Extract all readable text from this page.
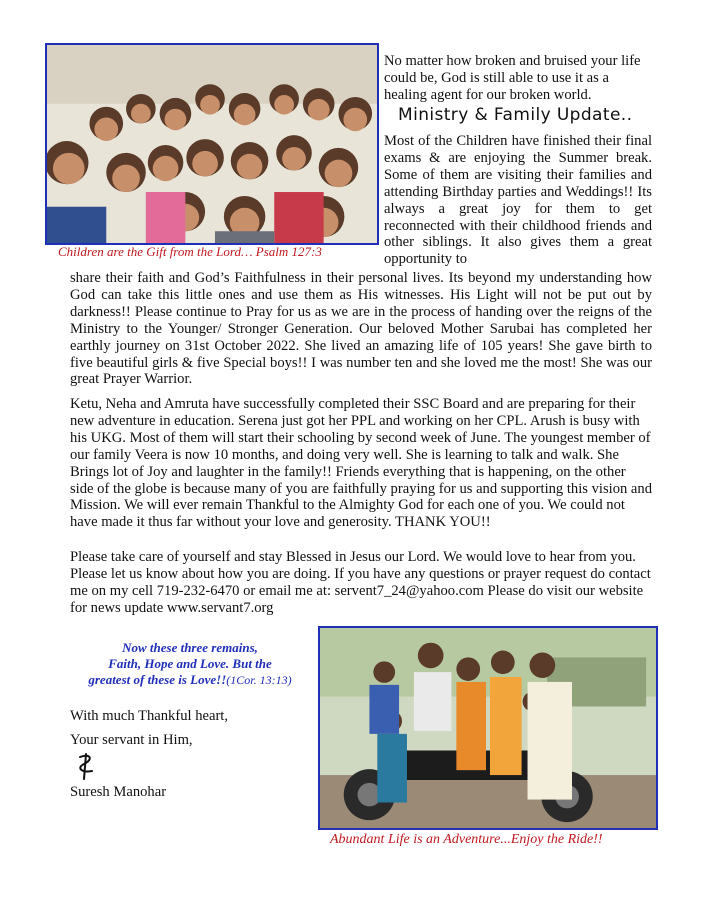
Children are the Gift from the Lord… Psalm 127:3

No matter how broken and bruised your life could be, God is still able to use it as a healing agent for our broken world.

Ministry & Family Update..

Most of the Children have finished their final exams & are enjoying the Summer break. Some of them are visiting their families and attending Birthday parties and Weddings!! Its always a great joy for them to get reconnected with their childhood friends and other siblings. It also gives them a great opportunity to

share their faith and God’s Faithfulness in their personal lives. Its beyond my understanding how God can take this little ones and use them as His witnesses. His Light will not be put out by darkness!! Please continue to Pray for us as we are in the process of handing over the reigns of the Ministry to the Younger/ Stronger Generation. Our beloved Mother Sarubai has completed her earthly journey on 31st October 2022. She lived an amazing life of 105 years! She gave birth to five beautiful girls & five Special boys!! I was number ten and she loved me the most! She was our great Prayer Warrior.

Ketu, Neha and Amruta have successfully completed their SSC Board and are preparing for their new adventure in education. Serena just got her PPL and working on her CPL. Arush is busy with his UKG. Most of them will start their schooling by second week of June. The youngest member of our family Veera is now 10 months, and doing very well. She is learning to talk and walk. She Brings lot of Joy and laughter in the family!! Friends everything that is happening, on the other side of the globe is because many of you are faithfully praying for us and supporting this vision and Mission. We will ever remain Thankful to the Almighty God for each one of you. We could not have made it thus far without your love and generosity. THANK YOU!!

Please take care of yourself and stay Blessed in Jesus our Lord. We would love to hear from you. Please let us know about how you are doing. If you have any questions or prayer request do contact me on my cell 719-232-6470 or email me at: servent7_24@yahoo.com Please do visit our website for news update www.servant7.org

Now these three remains,
Faith, Hope and Love. But the
greatest of these is Love!!(1Cor. 13:13)
With much Thankful heart,
Your servant in Him,
Suresh Manohar
Abundant Life is an Adventure...Enjoy the Ride!!
